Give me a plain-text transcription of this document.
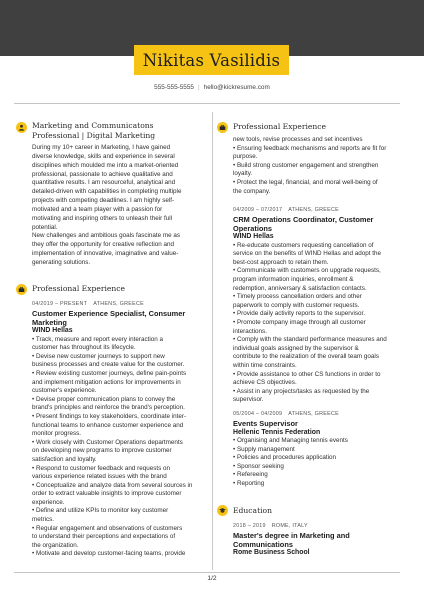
Nikitas Vasilidis
555-555-5555 | hello@kickresume.com
Marketing and Communicatons
Professional | Digital Marketing
During my 10+ career in Marketing, I have gained
diverse knowledge, skills and experience in several
disciplines which moulded me into a market-oriented
professional, passionate to achieve qualitative and
quantitative results. I am resourceful, analytical and
detailed-driven with capabilities in completing multiple
projects with competing deadlines. I am highly self-
motivated and a team player with a passion for
motivating and inspiring others to unleash their full
potential.
New challenges and ambitious goals fascinate me as
they offer the opportunity for creative reflection and
implementation of innovative, imaginative and value-
generating solutions.
Professional Experience
04/2019 – PRESENT ATHENS, GREECE
Customer Experience Specialist, Consumer
Marketing
WIND Hellas
• Track, measure and report every interaction a
customer has throughout its lifecycle.
• Devise new customer journeys to support new
business processes and create value for the customer.
• Review existing customer journeys, define pain-points
and implement mitigation actions for improvements in
customer's experience.
• Devise proper communication plans to convey the
brand's principles and reinforce the brand's perception.
• Present findings to key stakeholders, coordinate inter-
functional teams to enhance customer experience and
monitor progress.
• Work closely with Customer Operations departments
on developing new programs to improve customer
satisfaction and loyalty.
• Respond to customer feedback and requests on
various experience related issues with the brand
• Conceptualize and analyze data from several sources in
order to extract valuable insights to improve customer
experience.
• Define and utilize KPIs to monitor key customer
metrics.
• Regular engagement and observations of customers
to understand their perceptions and expectations of
the organization.
• Motivate and develop customer-facing teams, provide
Professional Experience
new tools, revise processes and set incentives
• Ensuring feedback mechanisms and reports are fit for
purpose.
• Build strong customer engagement and strengthen
loyalty.
• Protect the legal, financial, and moral well-being of
the company.
04/2009 – 07/2017 ATHENS, GREECE
CRM Operations Coordinator, Customer
Operations
WIND Hellas
• Re-educate customers requesting cancellation of
service on the benefits of WIND Hellas and adopt the
best-cost approach to retain them.
• Communicate with customers on upgrade requests,
program information inquiries, enrollment &
redemption, anniversary & satisfaction contacts.
• Timely process cancellation orders and other
paperwork to comply with customer requests.
• Provide daily activity reports to the supervisor.
• Promote company image through all customer
interactions.
• Comply with the standard performance measures and
individual goals assigned by the supervisor &
contribute to the realization of the overall team goals
within time constraints.
• Provide assistance to other CS functions in order to
achieve CS objectives.
• Assist in any projects/tasks as requested by the
supervisor.
05/2004 – 04/2009 ATHENS, GREECE
Events Supervisor
Hellenic Tennis Federation
• Organising and Managing tennis events
• Supply management
• Policies and procedures application
• Sponsor seeking
• Refereeing
• Reporting
Education
2018 – 2019 ROME, ITALY
Master's degree in Marketing and
Communications
Rome Business School
1/2
